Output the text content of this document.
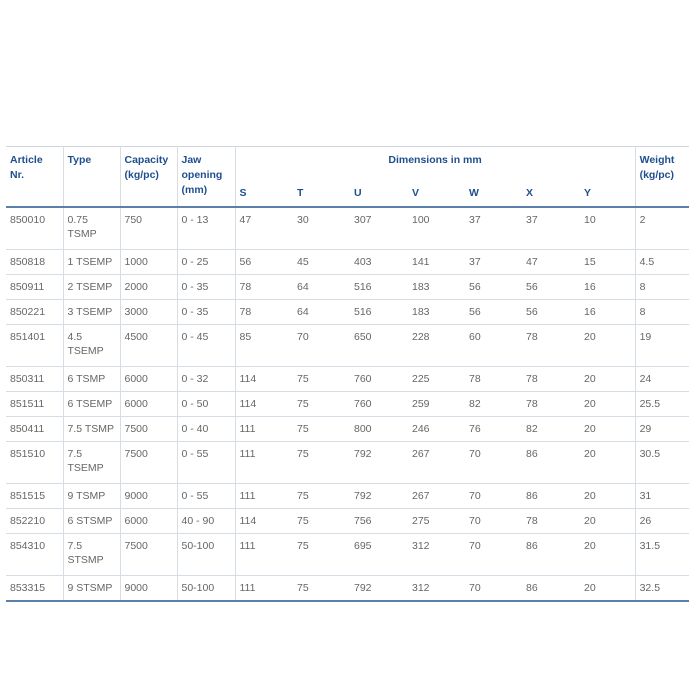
Article Nr.	Type	Capacity (kg/pc)	Jaw opening (mm)	Dimensions in mm							Weight (kg/pc)
				S	T	U	V	W	X	Y	
850010	0.75 TSMP	750	0 - 13	47	30	307	100	37	37	10	2
850818	1 TSEMP	1000	0 - 25	56	45	403	141	37	47	15	4.5
850911	2 TSEMP	2000	0 - 35	78	64	516	183	56	56	16	8
850221	3 TSEMP	3000	0 - 35	78	64	516	183	56	56	16	8
851401	4.5 TSEMP	4500	0 - 45	85	70	650	228	60	78	20	19
850311	6 TSMP	6000	0 - 32	114	75	760	225	78	78	20	24
851511	6 TSEMP	6000	0 - 50	114	75	760	259	82	78	20	25.5
850411	7.5 TSMP	7500	0 - 40	111	75	800	246	76	82	20	29
851510	7.5 TSEMP	7500	0 - 55	111	75	792	267	70	86	20	30.5
851515	9 TSMP	9000	0 - 55	111	75	792	267	70	86	20	31
852210	6 STSMP	6000	40 - 90	114	75	756	275	70	78	20	26
854310	7.5 STSMP	7500	50-100	111	75	695	312	70	86	20	31.5
853315	9 STSMP	9000	50-100	111	75	792	312	70	86	20	32.5
